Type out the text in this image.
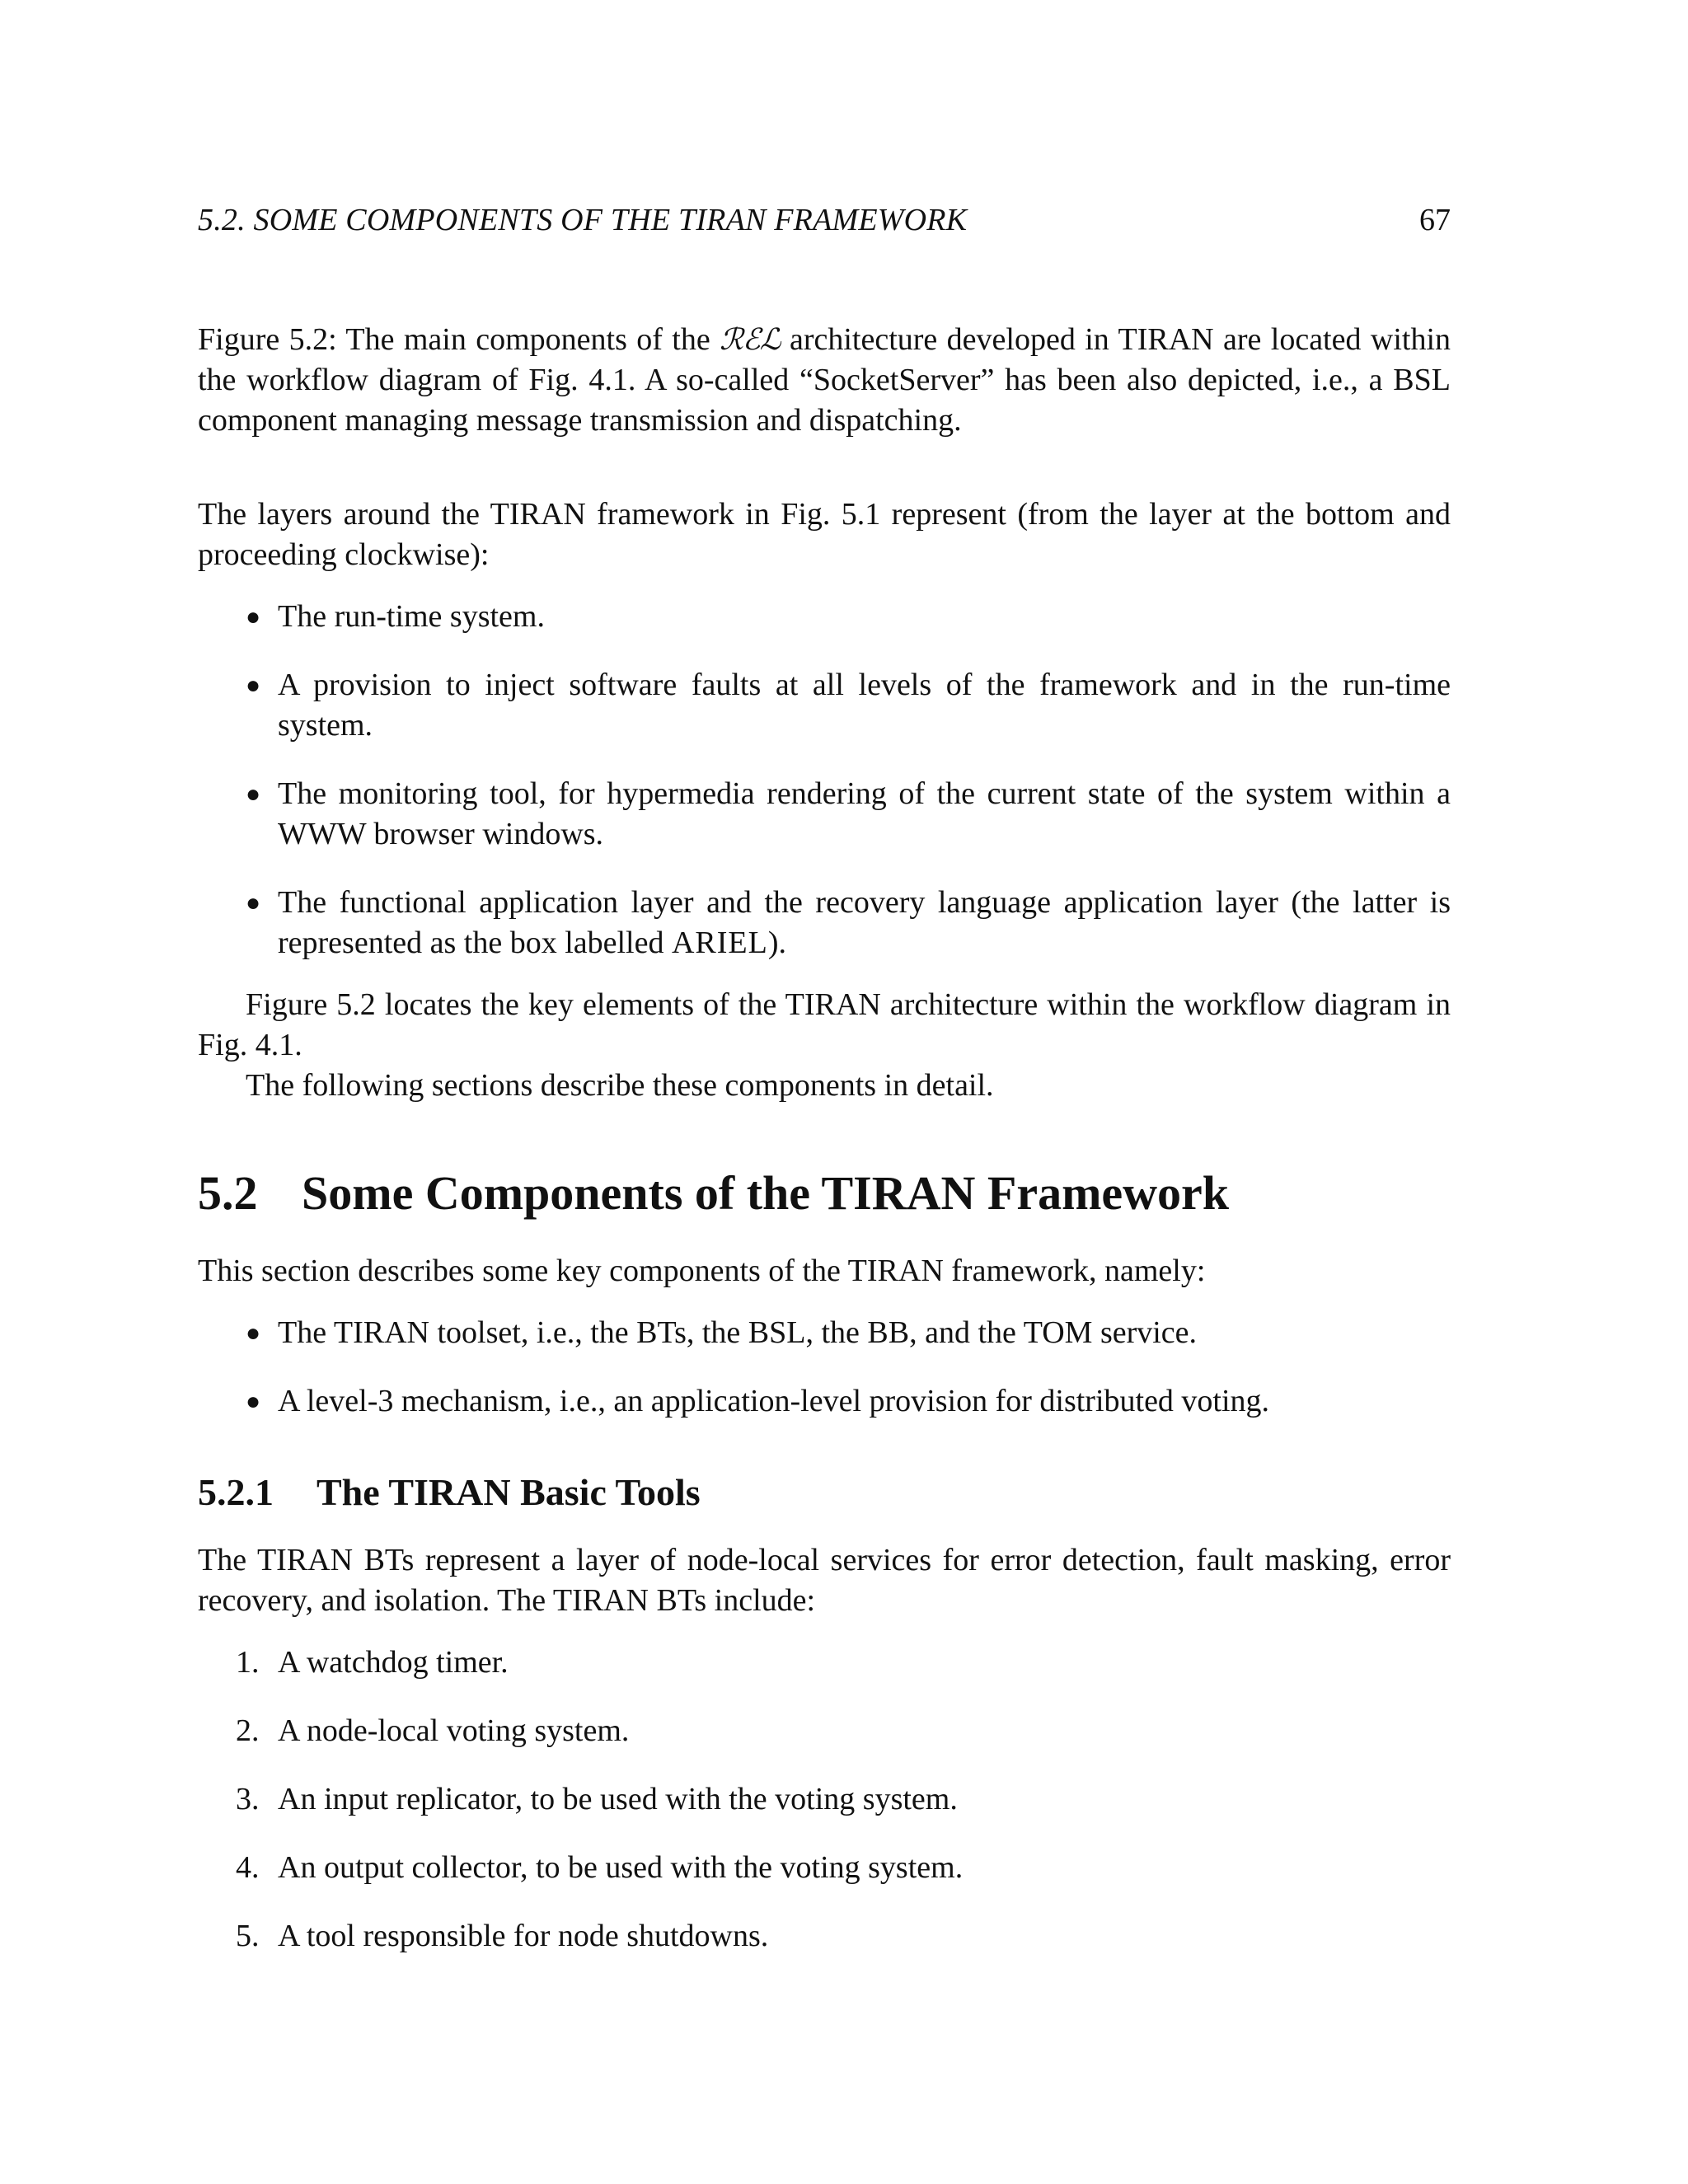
5.2. SOME COMPONENTS OF THE TIRAN FRAMEWORK	67

Figure 5.2: The main components of the ℛℰℒ architecture developed in TIRAN are located within the workflow diagram of Fig. 4.1. A so-called “SocketServer” has been also depicted, i.e., a BSL component managing message transmission and dispatching.

The layers around the TIRAN framework in Fig. 5.1 represent (from the layer at the bottom and proceeding clockwise):

● The run-time system.
● A provision to inject software faults at all levels of the framework and in the run-time system.
● The monitoring tool, for hypermedia rendering of the current state of the system within a WWW browser windows.
● The functional application layer and the recovery language application layer (the latter is represented as the box labelled ARIEL).

Figure 5.2 locates the key elements of the TIRAN architecture within the workflow diagram in Fig. 4.1.

The following sections describe these components in detail.

5.2 Some Components of the TIRAN Framework

This section describes some key components of the TIRAN framework, namely:

● The TIRAN toolset, i.e., the BTs, the BSL, the BB, and the TOM service.
● A level-3 mechanism, i.e., an application-level provision for distributed voting.
5.2.1 The TIRAN Basic Tools

The TIRAN BTs represent a layer of node-local services for error detection, fault masking, error recovery, and isolation. The TIRAN BTs include:

1. A watchdog timer.
2. A node-local voting system.
3. An input replicator, to be used with the voting system.
4. An output collector, to be used with the voting system.
5. A tool responsible for node shutdowns.
